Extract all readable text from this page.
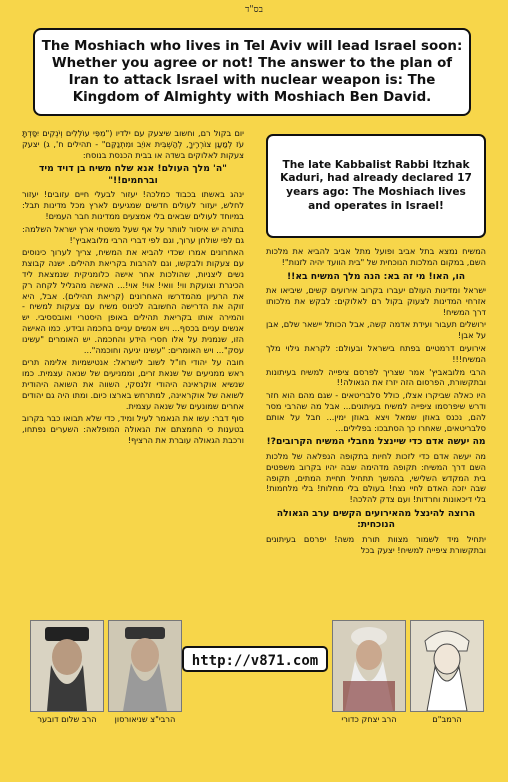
בס"ד
The Moshiach who lives in Tel Aviv will lead Israel soon: Whether you agree or not! The answer to the plan of Iran to attack Israel with nuclear weapon is: The Kingdom of Almighty with Moshiach Ben David.

יום בקול רם, וחשוב שיצעק עם ילדיו ("מִפִּי עוֹלְלִים וְיֹנְקִים יִסַּדְתָּ עֹז לְמַעַן צוֹרְרֶיךָ, לְהַשְׁבִּית אוֹיֵב וּמִתְנַקֵּם" - תהילים ח', ג) יצעק צעקות לאלוקים בשדה או בבית הכנסת בנוסח:

"ה' מלך העולם! אנא שלח משיח בן דויד מיד וברחמים!!"

ינהג באשתו בכבוד כמלכה! יעזור לבעלי חיים עזובים! יעזור לחלש, יעזור לעולים חדשים שמגיעים לארץ מכל מדינות תבל: במיוחד לעולים שבאים בלי אמצעים ממדינות חבר העמים!

בתורה יש איסור לוותר על אף שעל משטחי ארץ ישראל השלמה: גם לפי שולחן ערוך, וגם לפי דברי הרבי מלובאביץ'!

האחרונים אמרו שכדי להביא את המשיח, צריך לערוך כינוסים עם צעקות ולבקשו, וגם להרבות בקריאת תהילים. ישנה קבוצת נשים ליצניות, שהולכות אחר אישה כלומניקית שנמצאת ליד הכינרת וצועקת ווי! וואי! אוי! אוי!... האישה מהגליל לקחה רק את הרעיון מהמדרשו האחרונים (קריאת תהילים). אבל, היא זוקה את הדרישה החשובה לכינוס משיח עם צעקות למשיח - והמירה אותו בקריאת תהילים באופן היסטרי ואובססיבי. יש אנשים עניים בכסף... ויש אנשים עניים בחכמה ובידע. כמו האישה הזו, שנמנית על אלו חסרי הידע והחכמה. יש האומרים "עשינו עסק"... ויש האומרים: "עשינו יגיעה וחוכמה"...

חובה על יהודי חו"ל לשוב לישראל: אנטישמיות אלימה תרים ראש ממניעים של שנאת זרים, וממניעים של שנאה עצמית. כמו שנשיא אוקראינה היהודי זלנסקי, השווה את השואה היהודית לשואה של אוקראינה, למתרחש בארצו כיום. ומתו היה גם יהודים אחרים שמונעים של שנאה עצמית.

סוף דבר: עשו את הנאמר לעיל ומיד, כדי שלא תבואו כבר בקרוב בטענות כי החמצתם את הגאולה המופלאה: השערים נפתחו, ורכבת הגאולה עוברת את הרציף!

The late Kabbalist Rabbi Itzhak Kaduri, had already declared 17 years ago: The Moshiach lives and operates in Israel!

המשיח נמצא בתל אביב ופועל מתל אביב להביא את מלכות השם, במקום המלכות הנוכחית של "בית הוועד יהיה לזנות"!

הו, האו! מי זה בא: הנה מלך המשיח בא!!

ישראל ומדינות העולם יעברו בקרוב אירועים קשים, שיביאו את אזרחי המדינות לצעוק בקול רם לאלוקים: לבקש את מלכותו דרך המשיח!

ירושלים תעבור ועידת אדמה קשה, אבל הכותל יישאר שלם, אבן על אבן!

אירועים דרמטיים בפתח בישראל ובעולם: לקראת גילוי מלך המשיח!!!

הרבי מלובאביץ' אמר שצריך לפרסם ציפייה למשיח בעיתונות ובתקשורת, הפרסום הזה יזרז את הגאולה!!

היו כאלה שביקרו אצלו, כולל סלבריטאים - שגם מהם הוא חזר ודרש שיפרסמו ציפייה למשיח בעיתונים... אבל מה שהרבי מסר להם, נכנס באוזן שמאל ויצא באוזן ימין... חבל על אותם סלבריטאים, שאחרו כך הסתבכו: בפלילים...

מה יעשה אדם כדי שיינצל מחבלי המשיח הקרובים?!

מה יעשה אדם כדי לזכות לחיות בתקופה הנפלאה של מלכות השם דרך המשיח: תקופה מדהימה שבה יהיו בקרוב משפטים בית המקדש השלישי, בהמשך תתחיל תחיית המתים, תקופה שבה יזכה האדם לחיי נצח! בעולם בלי מחלות! בלי מלחמות! בלי דיכאונות וחרדות! ועם צדק להלכה!

הרוצה להינצל מהאירועים הקשים ערב הגאולה הנוכחית:

יתחיל מיד לשמור מצוות תורת משה! יפרסם בעיתונים ובתקשורת ציפייה למשיח! יצעק בכל

הרב שלום דובער	הרבי"צ שניאורסון
http://v871.com
הרב יצחק כדורי	הרמב"ם
